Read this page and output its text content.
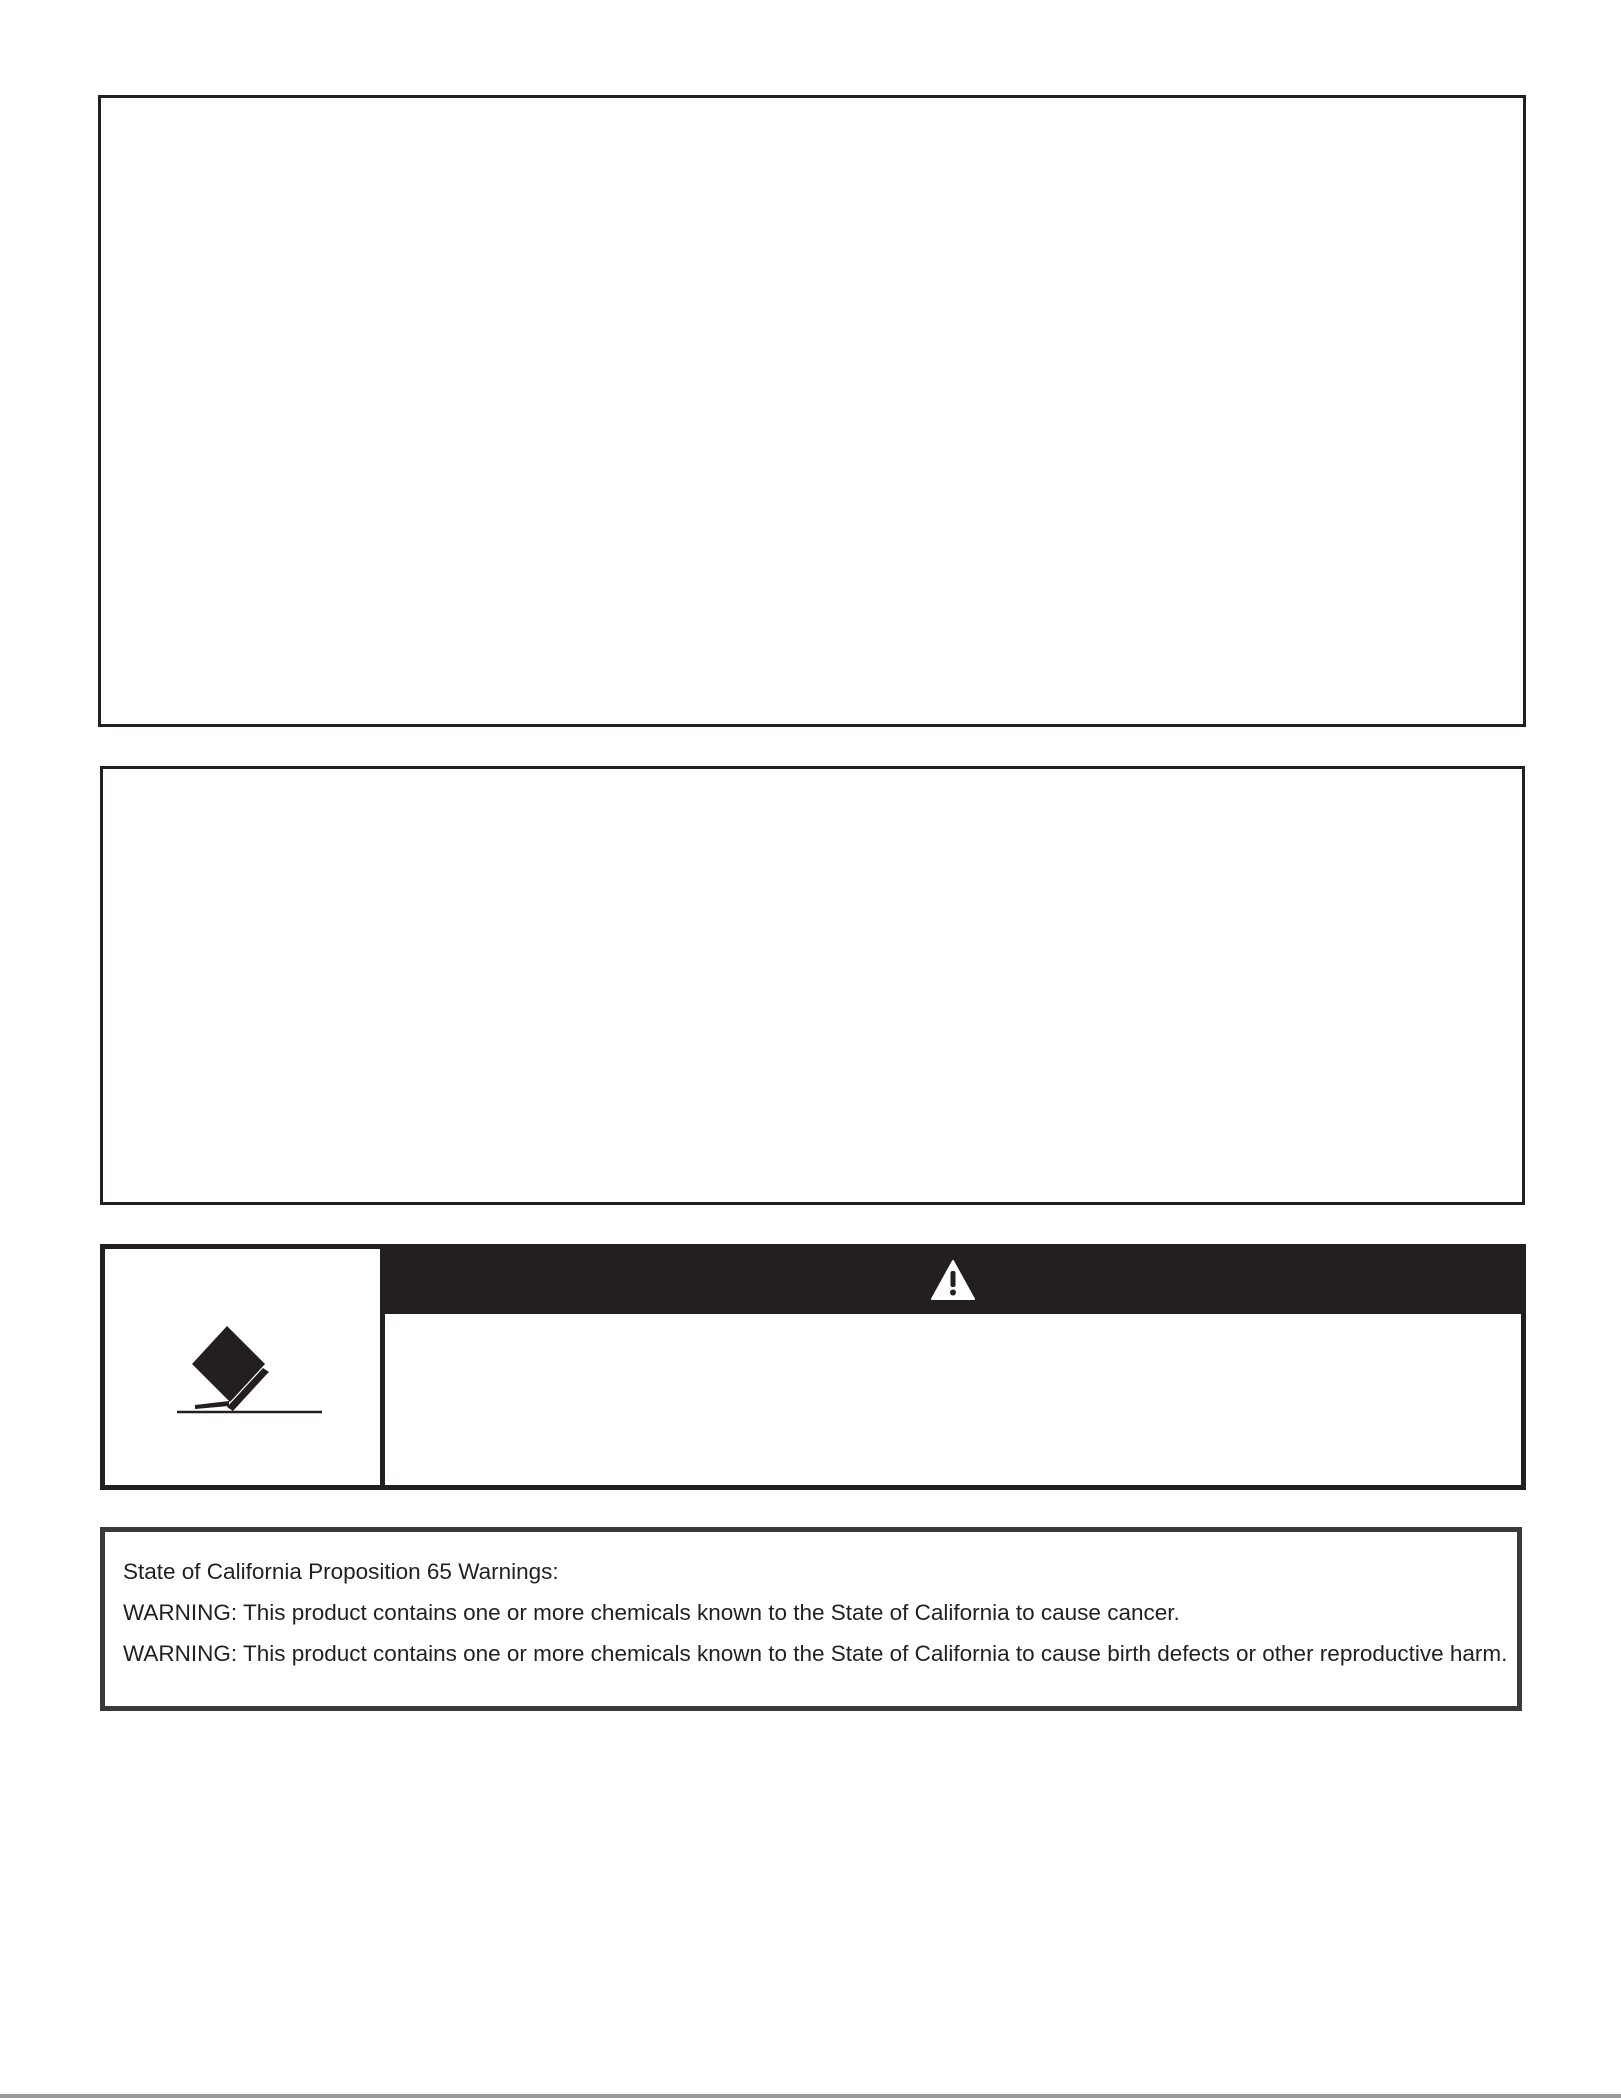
State of California Proposition 65 Warnings:

WARNING: This product contains one or more chemicals known to the State of California to cause cancer.

WARNING: This product contains one or more chemicals known to the State of California to cause birth defects or other reproductive harm.
